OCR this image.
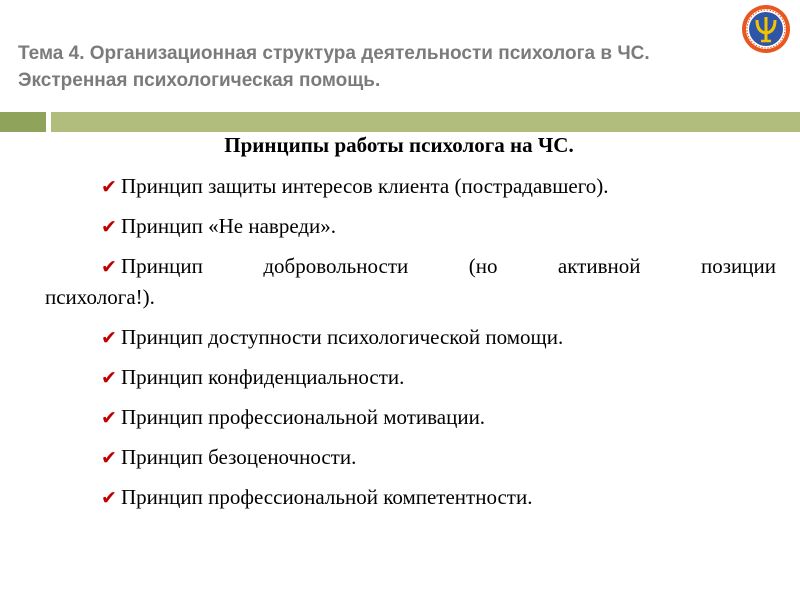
Тема 4. Организационная структура деятельности психолога в ЧС.
Экстренная психологическая помощь.
Принципы работы психолога на ЧС.
✔ Принцип защиты интересов клиента (пострадавшего).
✔ Принцип «Не навреди».
✔ Принцип	добровольности	(но	активной	позиции
психолога!).
✔ Принцип доступности психологической помощи.
✔ Принцип конфиденциальности.
✔ Принцип профессиональной мотивации.
✔ Принцип безоценочности.
✔ Принцип профессиональной компетентности.
